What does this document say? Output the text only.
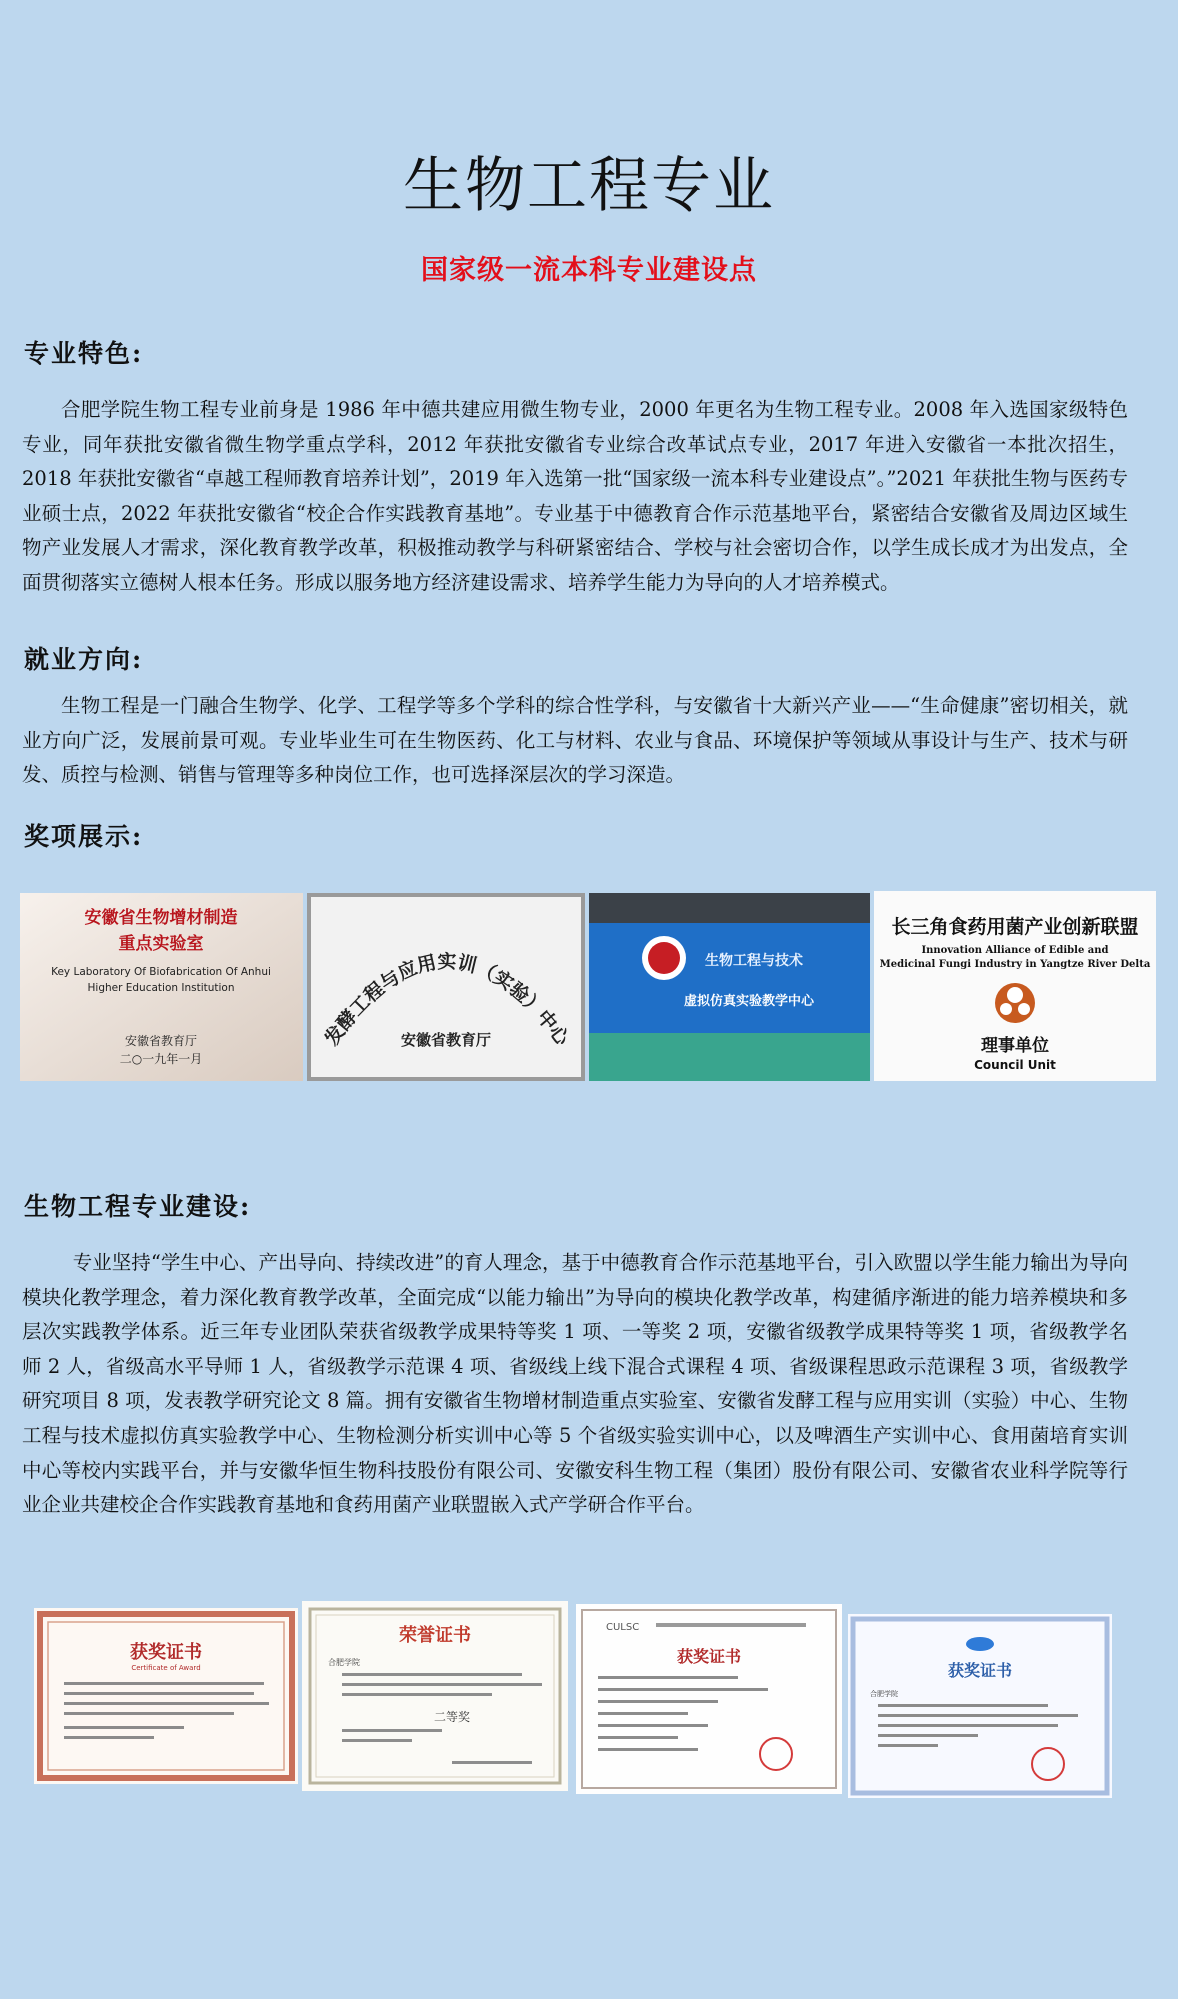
生物工程专业
国家级一流本科专业建设点
专业特色:
合肥学院生物工程专业前身是 1986 年中德共建应用微生物专业，2000 年更名为生物工程专业。2008 年入选国家级特色专业，同年获批安徽省微生物学重点学科，2012 年获批安徽省专业综合改革试点专业，2017 年进入安徽省一本批次招生，2018 年获批安徽省“卓越工程师教育培养计划”，2019 年入选第一批“国家级一流本科专业建设点”。”2021 年获批生物与医药专业硕士点，2022 年获批安徽省“校企合作实践教育基地”。专业基于中德教育合作示范基地平台，紧密结合安徽省及周边区域生物产业发展人才需求，深化教育教学改革，积极推动教学与科研紧密结合、学校与社会密切合作，以学生成长成才为出发点，全面贯彻落实立德树人根本任务。形成以服务地方经济建设需求、培养学生能力为导向的人才培养模式。
就业方向:
生物工程是一门融合生物学、化学、工程学等多个学科的综合性学科，与安徽省十大新兴产业——“生命健康”密切相关，就业方向广泛，发展前景可观。专业毕业生可在生物医药、化工与材料、农业与食品、环境保护等领域从事设计与生产、技术与研发、质控与检测、销售与管理等多种岗位工作，也可选择深层次的学习深造。
奖项展示:
安徽省生物增材制造
重点实验室
Key Laboratory Of Biofabrication Of Anhui
Higher Education Institution
安徽省教育厅
二○一九年一月
发酵工程与应用实训（实验）中心
安徽省教育厅
生物工程与技术
虚拟仿真实验教学中心
长三角食药用菌产业创新联盟
Innovation Alliance of Edible and
Medicinal Fungi Industry in Yangtze River Delta
理事单位
Council Unit
生物工程专业建设:
专业坚持“学生中心、产出导向、持续改进”的育人理念，基于中德教育合作示范基地平台，引入欧盟以学生能力输出为导向模块化教学理念，着力深化教育教学改革，全面完成“以能力输出”为导向的模块化教学改革，构建循序渐进的能力培养模块和多层次实践教学体系。近三年专业团队荣获省级教学成果特等奖 1 项、一等奖 2 项，安徽省级教学成果特等奖 1 项，省级教学名师 2 人，省级高水平导师 1 人，省级教学示范课 4 项、省级线上线下混合式课程 4 项、省级课程思政示范课程 3 项，省级教学研究项目 8 项，发表教学研究论文 8 篇。拥有安徽省生物增材制造重点实验室、安徽省发酵工程与应用实训（实验）中心、生物工程与技术虚拟仿真实验教学中心、生物检测分析实训中心等 5 个省级实验实训中心，以及啤酒生产实训中心、食用菌培育实训中心等校内实践平台，并与安徽华恒生物科技股份有限公司、安徽安科生物工程（集团）股份有限公司、安徽省农业科学院等行业企业共建校企合作实践教育基地和食药用菌产业联盟嵌入式产学研合作平台。
获奖证书
Certificate of Award
荣誉证书
合肥学院
二等奖
CULSC
获奖证书
获奖证书
合肥学院
